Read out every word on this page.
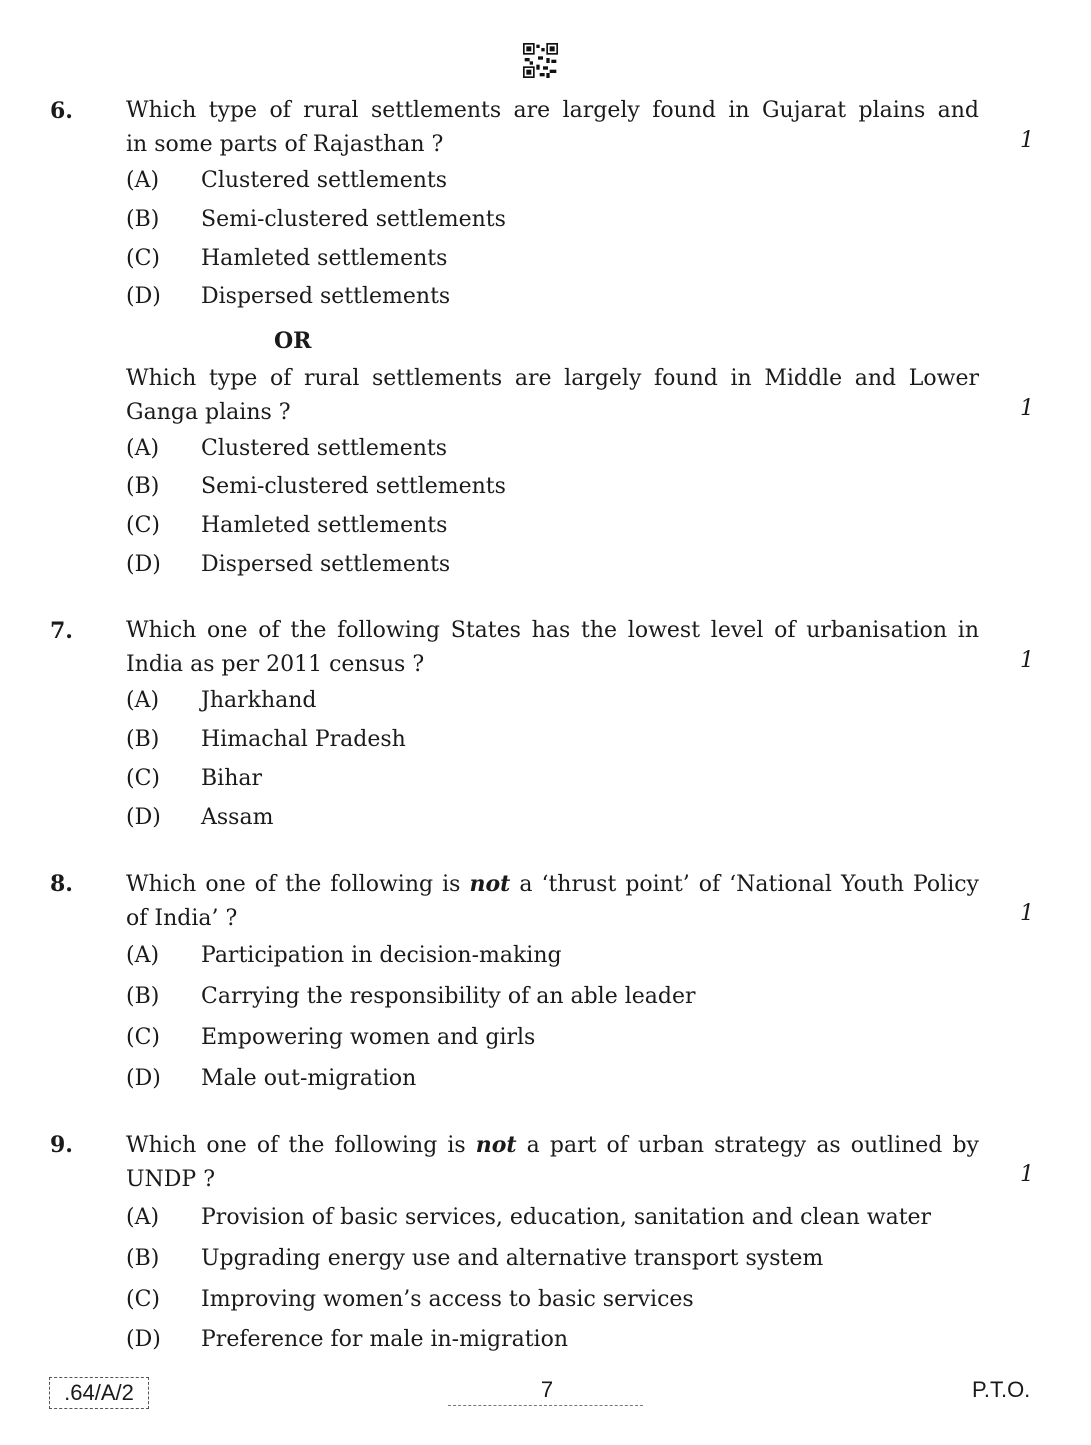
6. Which type of rural settlements are largely found in Gujarat plains and
in some parts of Rajasthan ?	1
(A) Clustered settlements
(B) Semi-clustered settlements
(C) Hamleted settlements
(D) Dispersed settlements
OR
Which type of rural settlements are largely found in Middle and Lower
Ganga plains ?	1
(A) Clustered settlements
(B) Semi-clustered settlements
(C) Hamleted settlements
(D) Dispersed settlements
7. Which one of the following States has the lowest level of urbanisation in
India as per 2011 census ?	1
(A) Jharkhand
(B) Himachal Pradesh
(C) Bihar
(D) Assam
8. Which one of the following is not a ‘thrust point’ of ‘National Youth Policy
of India’ ?	1
(A) Participation in decision-making
(B) Carrying the responsibility of an able leader
(C) Empowering women and girls
(D) Male out-migration
9. Which one of the following is not a part of urban strategy as outlined by
UNDP ?	1
(A) Provision of basic services, education, sanitation and clean water
(B) Upgrading energy use and alternative transport system
(C) Improving women’s access to basic services
(D) Preference for male in-migration
.64/A/2	7	P.T.O.
